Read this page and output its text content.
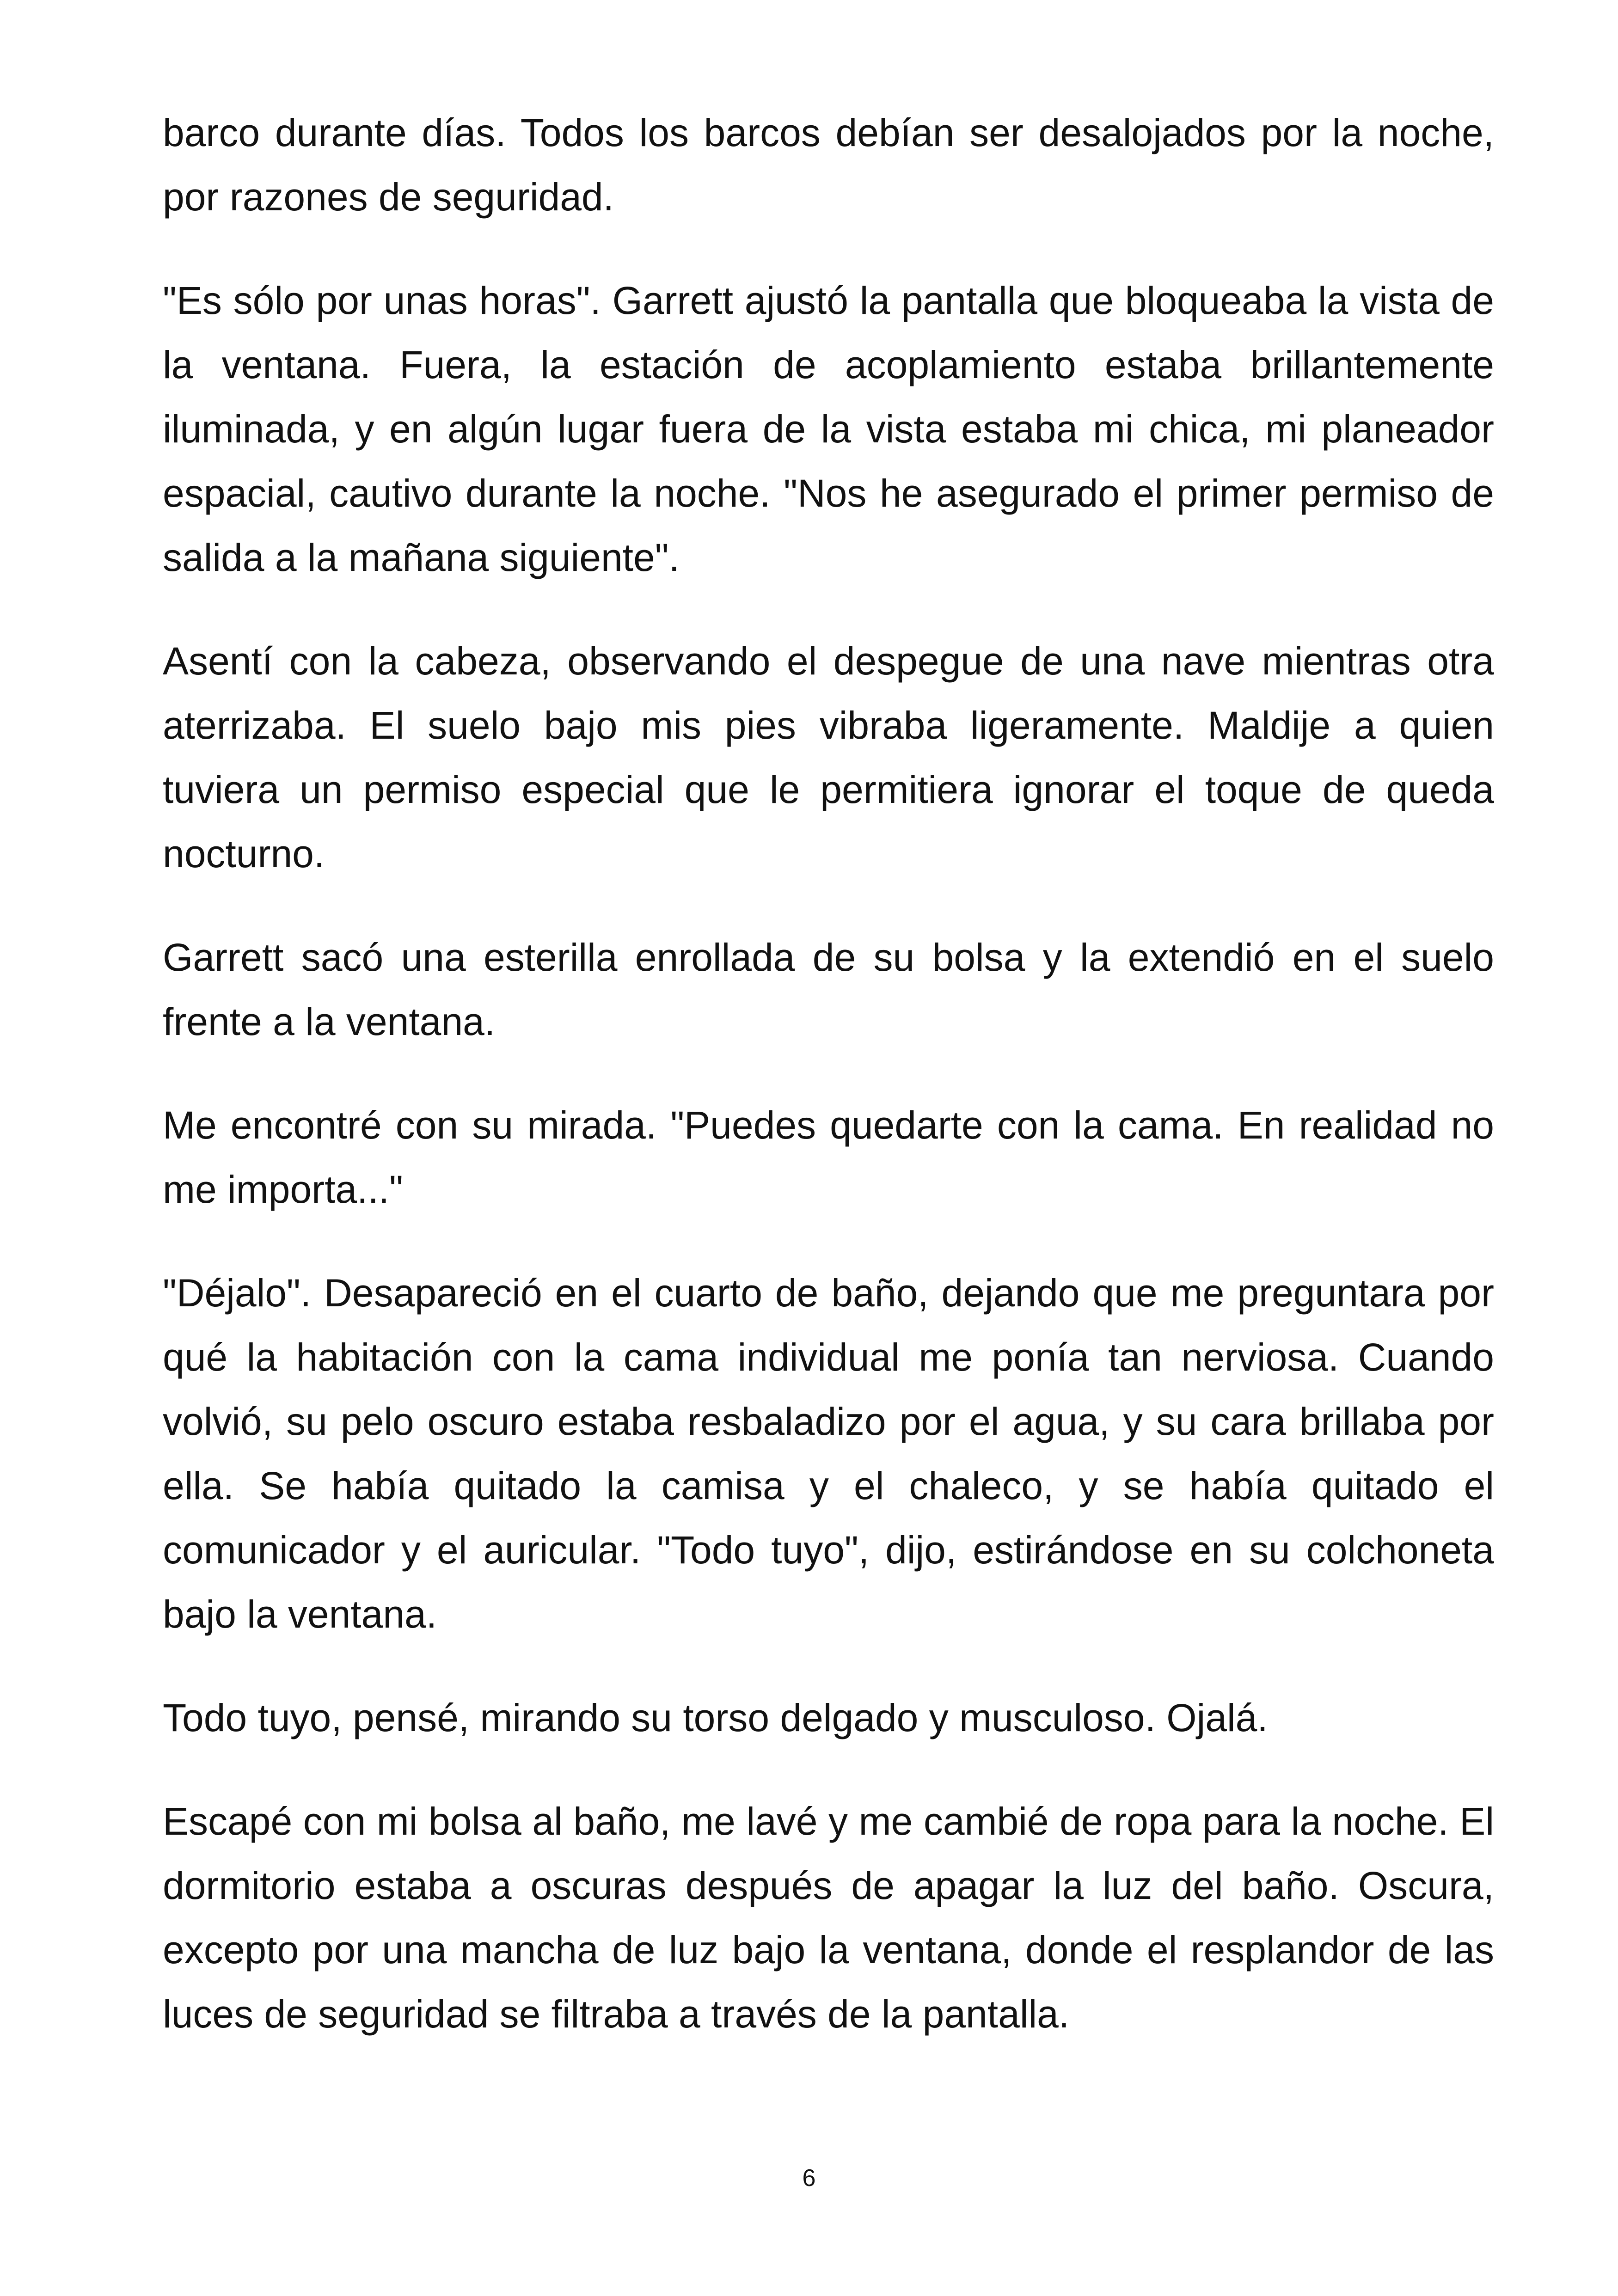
barco durante días. Todos los barcos debían ser desalojados por la noche, por razones de seguridad.

"Es sólo por unas horas". Garrett ajustó la pantalla que bloqueaba la vista de la ventana. Fuera, la estación de acoplamiento estaba brillantemente iluminada, y en algún lugar fuera de la vista estaba mi chica, mi planeador espacial, cautivo durante la noche. "Nos he asegurado el primer permiso de salida a la mañana siguiente".

Asentí con la cabeza, observando el despegue de una nave mientras otra aterrizaba. El suelo bajo mis pies vibraba ligeramente. Maldije a quien tuviera un permiso especial que le permitiera ignorar el toque de queda nocturno.

Garrett sacó una esterilla enrollada de su bolsa y la extendió en el suelo frente a la ventana.

Me encontré con su mirada. "Puedes quedarte con la cama. En realidad no me importa..."

"Déjalo". Desapareció en el cuarto de baño, dejando que me preguntara por qué la habitación con la cama individual me ponía tan nerviosa. Cuando volvió, su pelo oscuro estaba resbaladizo por el agua, y su cara brillaba por ella. Se había quitado la camisa y el chaleco, y se había quitado el comunicador y el auricular. "Todo tuyo", dijo, estirándose en su colchoneta bajo la ventana.

Todo tuyo, pensé, mirando su torso delgado y musculoso. Ojalá.

Escapé con mi bolsa al baño, me lavé y me cambié de ropa para la noche. El dormitorio estaba a oscuras después de apagar la luz del baño. Oscura, excepto por una mancha de luz bajo la ventana, donde el resplandor de las luces de seguridad se filtraba a través de la pantalla.

6
